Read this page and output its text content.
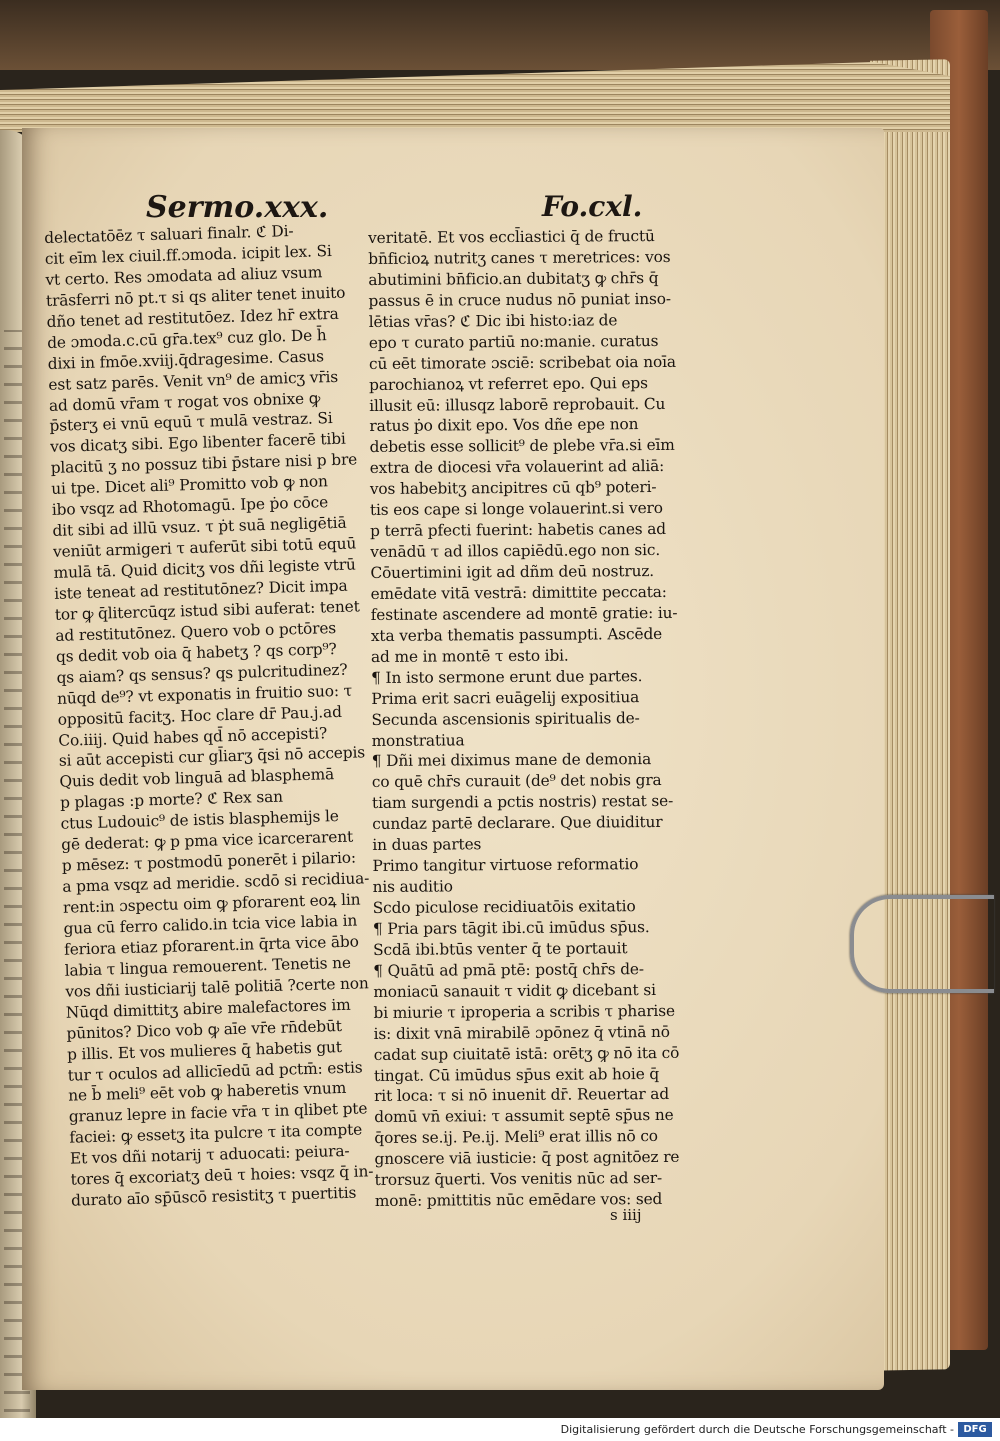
Sermo.xxx.	Fo.cxl.
delectatōēz τ saluari finalr. ℭ Di-
cit eīm lex ciuil.ff.ɔmoda. icipit lex. Si
vt certo. Res ɔmodata ad aliuz vsum
trāsferri nō pt.τ si qs aliter tenet inuito
dño tenet ad restitutōez. Idez hr̄ extra
de ɔmoda.c.cū gr̄a.tex⁹ cuz glo. De h̄
dixi in fmōe.xviij.q̄dragesime. Casus
est satz parēs. Venit vn⁹ de amicʒ vr̄is
ad domū vr̄am τ rogat vos obnixe ꝙ
p̄sterʒ ei vnū equū τ mulā vestraz. Si
vos dicatʒ sibi. Ego libenter facerē tibi
placitū ʒ no possuz tibi p̄stare nisi p bre
ui tpe. Dicet ali⁹ Promitto vob ꝙ non
ibo vsqz ad Rhotomagū. Ipe ṗo cōce
dit sibi ad illū vsuz. τ ṗt suā negligētiā
veniūt armigeri τ auferūt sibi totū equū
mulā tā. Quid dicitʒ vos dñi legiste vtrū
iste teneat ad restitutōnez? Dicit impa
tor ꝙ q̄litercūqz istud sibi auferat: tenet
ad restitutōnez. Quero vob o pctōres
qs dedit vob oia q̄ habetʒ ? qs corp⁹?
qs aiam? qs sensus? qs pulcritudinez?
nūqd de⁹? vt exponatis in fruitio suo: τ
oppositū facitʒ. Hoc clare dr̄ Pau.j.ad
Co.iiij. Quid habes qd̄ nō accepisti?
si aūt accepisti cur gl̄iarʒ q̄si nō accepis
Quis dedit vob linguā ad blasphemā
p plagas :p morte? ℭ Rex san
ctus Ludouic⁹ de istis blasphemijs le
gē dederat: ꝙ p pma vice icarcerarent
p mēsez: τ postmodū ponerēt i pilario:
a pma vsqz ad meridie. scdō si recidiua-
rent:in ɔspectu oim ꝙ pforarent eoꝝ lin
gua cū ferro calido.in tcia vice labia in
feriora etiaz pforarent.in q̄rta vice ābo
labia τ lingua remouerent. Tenetis ne
vos dñi iusticiarij talē politiā ?certe non
Nūqd dimittitʒ abire malefactores im
pūnitos? Dico vob ꝙ aīe vr̄e rn̄debūt
p illis. Et vos mulieres q̄ habetis gut
tur τ oculos ad allicīedū ad pctm̄: estis
ne b̄ meli⁹ eēt vob ꝙ haberetis vnum
granuz lepre in facie vr̄a τ in qlibet pte
faciei: ꝙ essetʒ ita pulcre τ ita compte
Et vos dñi notarij τ aduocati: peiura-
tores q̄ excoriatʒ deū τ hoies: vsqz q̄ in-
durato aīo sp̄ūscō resistitʒ τ puertitis
veritatē. Et vos eccl̄iastici q̄ de fructū
bn̄ficioꝝ nutritʒ canes τ meretrices: vos
abutimini bn̄ficio.an dubitatʒ ꝙ chr̄s q̄
passus ē in cruce nudus nō puniat inso-
lētias vr̄as? ℭ Dic ibi histo:iaz de
epo τ curato partiū no:manie. curatus
cū eēt timorate ɔsciē: scribebat oia noīa
parochianoꝝ vt referret epo. Qui eps
illusit eū: illusqz laborē reprobauit. Cu
ratus ṗo dixit epo. Vos dñe epe non
debetis esse sollicit⁹ de plebe vr̄a.si eīm
extra de diocesi vr̄a volauerint ad aliā:
vos habebitʒ ancipitres cū qb⁹ poteri-
tis eos cape si longe volauerint.si vero
p terrā pfecti fuerint: habetis canes ad
venādū τ ad illos capiēdū.ego non sic.
Cōuertimini igit ad dñm deū nostruz.
emēdate vitā vestrā: dimittite peccata:
festinate ascendere ad montē gratie: iu-
xta verba thematis passumpti. Ascēde
ad me in montē τ esto ibi.
¶ In isto sermone erunt due partes.
Prima erit sacri euāgelij expositiua
Secunda ascensionis spiritualis de-
monstratiua
¶ Dñi mei diximus mane de demonia
co quē chr̄s curauit (de⁹ det nobis gra
tiam surgendi a pctis nostris) restat se-
cundaz partē declarare. Que diuiditur
in duas partes
Primo tangitur virtuose reformatio
nis auditio
Scdo piculose recidiuatōis exitatio
¶ Pria pars tāgit ibi.cū imūdus sp̄us.
Scdā ibi.btūs venter q̄ te portauit
¶ Quātū ad pmā ptē: postq̄ chr̄s de-
moniacū sanauit τ vidit ꝙ dicebant si
bi miurie τ iproperia a scribis τ pharise
is: dixit vnā mirabilē ɔpōnez q̄ vtinā nō
cadat sup ciuitatē istā: orētʒ ꝙ nō ita cō
tingat. Cū imūdus sp̄us exit ab hoie q̄
rit loca: τ si nō inuenit dr̄. Reuertar ad
domū vn̄ exiui: τ assumit septē sp̄us ne
q̄ores se.ij. Pe.ij. Meli⁹ erat illis nō co
gnoscere viā iusticie: q̄ post agnitōez re
trorsuz q̄uerti. Vos venitis nūc ad ser-
monē: pmittitis nūc emēdare vos: sed
s iiij
Digitalisierung gefördert durch die Deutsche Forschungsgemeinschaft - DFG
